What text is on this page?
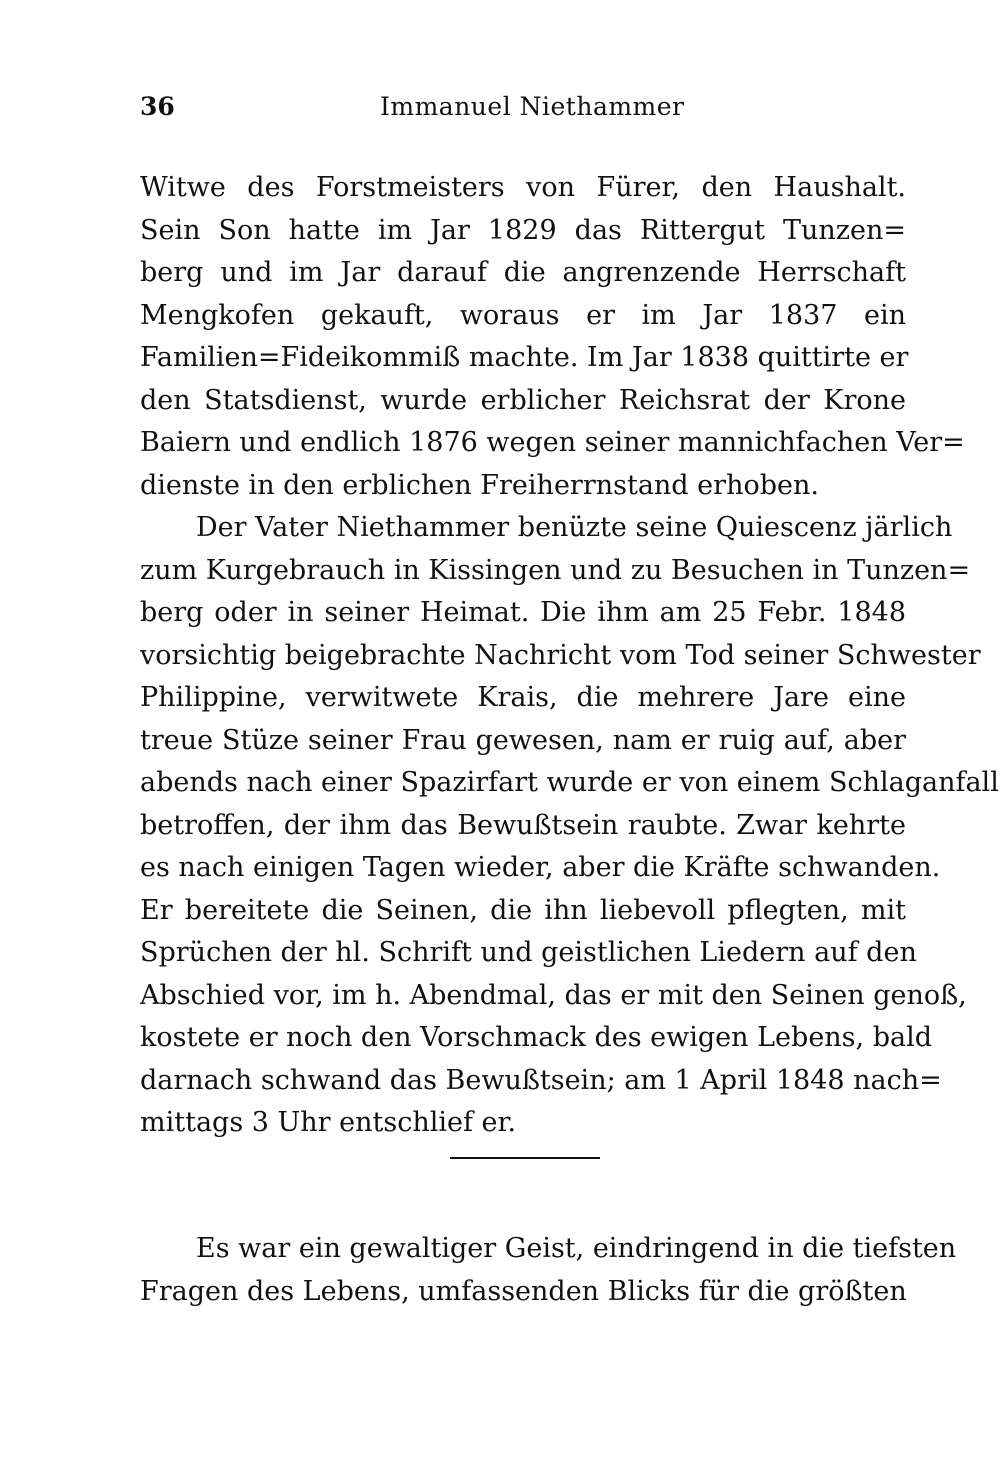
36	Immanuel Niethammer

Witwe des Forstmeisters von Fürer, den Haushalt.
Sein Son hatte im Jar 1829 das Rittergut Tunzen=
berg und im Jar darauf die angrenzende Herrschaft
Mengkofen gekauft, woraus er im Jar 1837 ein
Familien=Fideikommiß machte. Im Jar 1838 quittirte er
den Statsdienst, wurde erblicher Reichsrat der Krone
Baiern und endlich 1876 wegen seiner mannichfachen Ver=
dienste in den erblichen Freiherrnstand erhoben.

Der Vater Niethammer benüzte seine Quiescenz järlich
zum Kurgebrauch in Kissingen und zu Besuchen in Tunzen=
berg oder in seiner Heimat. Die ihm am 25 Febr. 1848
vorsichtig beigebrachte Nachricht vom Tod seiner Schwester
Philippine, verwitwete Krais, die mehrere Jare eine
treue Stüze seiner Frau gewesen, nam er ruig auf, aber
abends nach einer Spazirfart wurde er von einem Schlaganfall
betroffen, der ihm das Bewußtsein raubte. Zwar kehrte
es nach einigen Tagen wieder, aber die Kräfte schwanden.
Er bereitete die Seinen, die ihn liebevoll pflegten, mit
Sprüchen der hl. Schrift und geistlichen Liedern auf den
Abschied vor, im h. Abendmal, das er mit den Seinen genoß,
kostete er noch den Vorschmack des ewigen Lebens, bald
darnach schwand das Bewußtsein; am 1 April 1848 nach=
mittags 3 Uhr entschlief er.

Es war ein gewaltiger Geist, eindringend in die tiefsten
Fragen des Lebens, umfassenden Blicks für die größten
